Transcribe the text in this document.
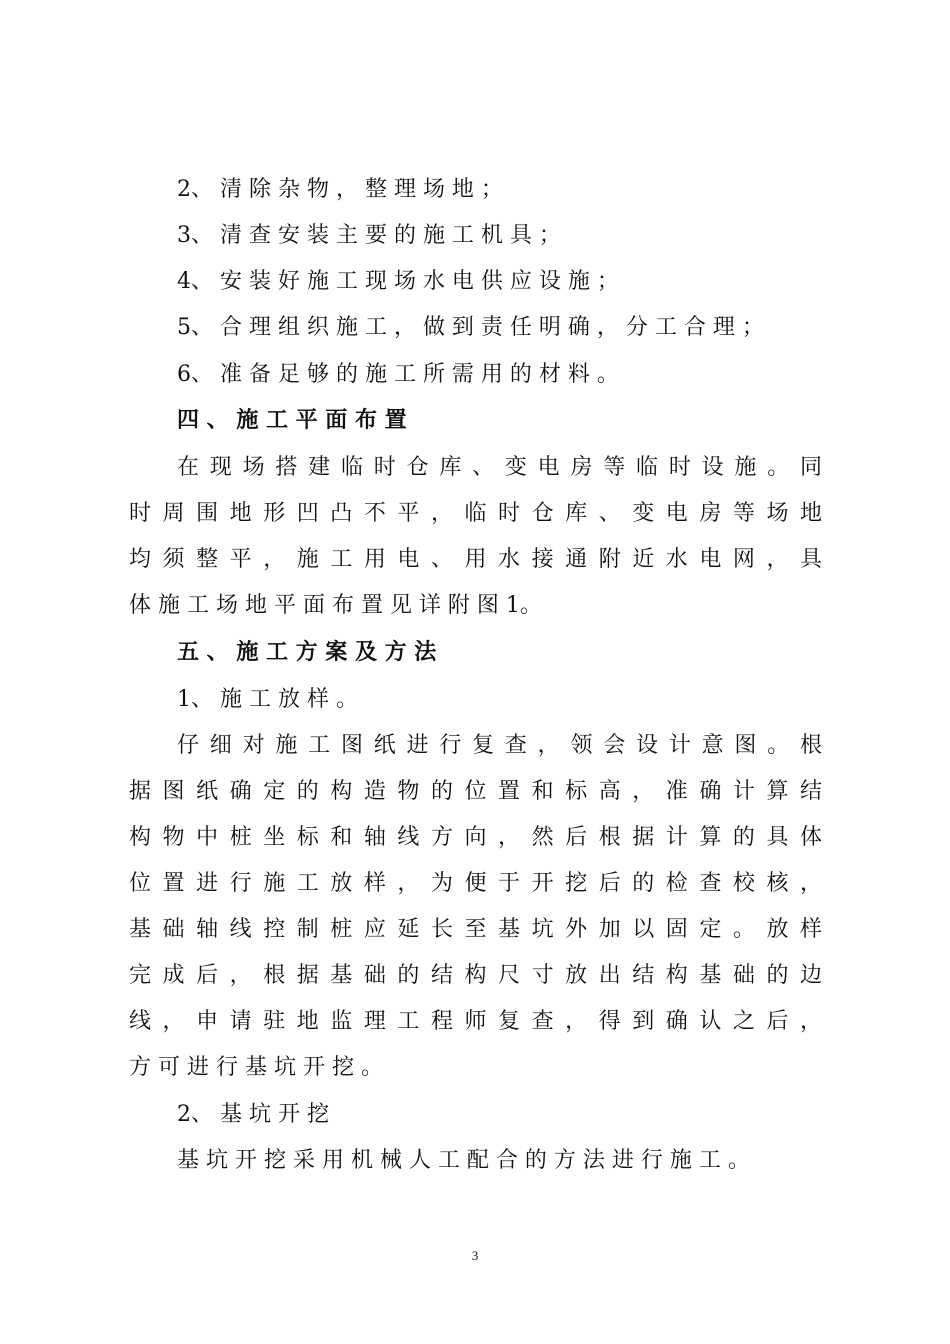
2、 清 除 杂 物 ， 整 理 场 地 ；
3、 清 查 安 装 主 要 的 施 工 机 具 ；
4、 安 装 好 施 工 现 场 水 电 供 应 设 施 ；
5、 合 理 组 织 施 工 ， 做 到 责 任 明 确 ， 分 工 合 理 ；
6、 准 备 足 够 的 施 工 所 需 用 的 材 料 。
四 、 施 工 平 面 布 置
在 现 场 搭 建 临 时 仓 库 、 变 电 房 等 临 时 设 施 。 同
时 周 围 地 形 凹 凸 不 平 ， 临 时 仓 库 、 变 电 房 等 场 地
均 须 整 平 ， 施 工 用 电 、 用 水 接 通 附 近 水 电 网 ， 具
体 施 工 场 地 平 面 布 置 见 详 附 图 1。
五 、 施 工 方 案 及 方 法
1、 施 工 放 样 。
仔 细 对 施 工 图 纸 进 行 复 查 ， 领 会 设 计 意 图 。 根
据 图 纸 确 定 的 构 造 物 的 位 置 和 标 高 ， 准 确 计 算 结
构 物 中 桩 坐 标 和 轴 线 方 向 ， 然 后 根 据 计 算 的 具 体
位 置 进 行 施 工 放 样 ， 为 便 于 开 挖 后 的 检 查 校 核 ，
基 础 轴 线 控 制 桩 应 延 长 至 基 坑 外 加 以 固 定 。 放 样
完 成 后 ， 根 据 基 础 的 结 构 尺 寸 放 出 结 构 基 础 的 边
线 ， 申 请 驻 地 监 理 工 程 师 复 查 ， 得 到 确 认 之 后 ，
方 可 进 行 基 坑 开 挖 。
2、 基 坑 开 挖
基 坑 开 挖 采 用 机 械 人 工 配 合 的 方 法 进 行 施 工 。
3
